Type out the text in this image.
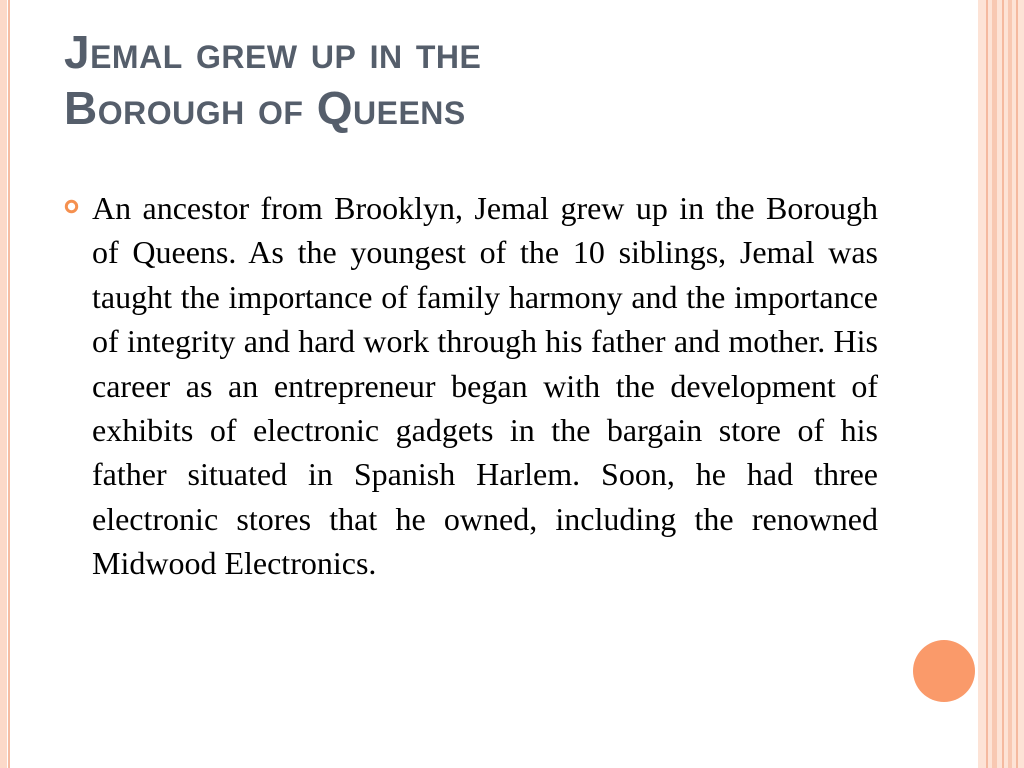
Jemal grew up in the
Borough of Queens
An ancestor from Brooklyn, Jemal grew up in the Borough of Queens. As the youngest of the 10 siblings, Jemal was taught the importance of family harmony and the importance of integrity and hard work through his father and mother. His career as an entrepreneur began with the development of exhibits of electronic gadgets in the bargain store of his father situated in Spanish Harlem. Soon, he had three electronic stores that he owned, including the renowned Midwood Electronics.
